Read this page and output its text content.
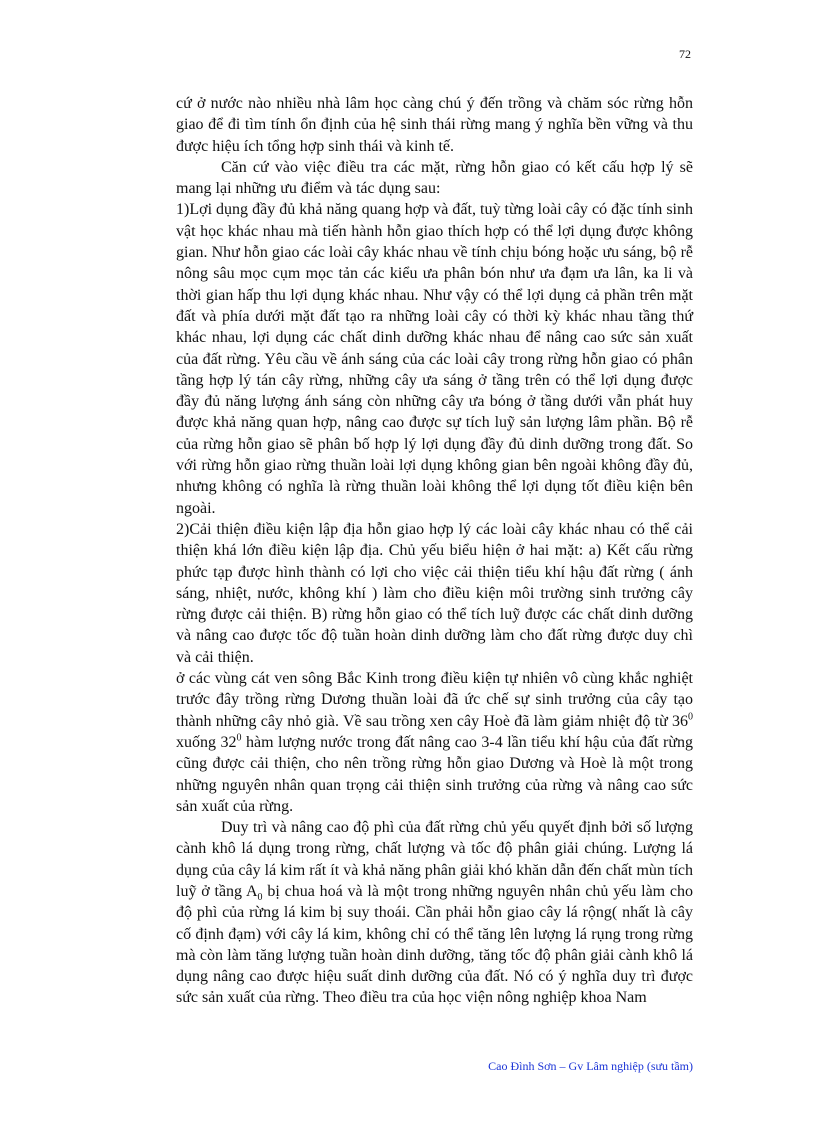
72

cứ ở nước nào nhiều nhà lâm học càng chú ý đến trồng và chăm sóc rừng hỗn giao để đi tìm tính ổn định của hệ sinh thái rừng mang ý nghĩa bền vững và thu được hiệu ích tổng hợp sinh thái và kinh tế.

Căn cứ vào việc điều tra các mặt, rừng hỗn giao có kết cấu hợp lý sẽ mang lại những ưu điểm và tác dụng sau:

1)Lợi dụng đầy đủ khả năng quang hợp và đất, tuỳ từng loài cây có đặc tính sinh vật học khác nhau mà tiến hành hỗn giao thích hợp có thể lợi dụng được không gian. Như hỗn giao các loài cây khác nhau về tính chịu bóng hoặc ưu sáng, bộ rễ nông sâu mọc cụm mọc tản các kiểu ưa phân bón như ưa đạm ưa lân, ka li và thời gian hấp thu lợi dụng khác nhau. Như vậy có thể lợi dụng cả phần trên mặt đất và phía dưới mặt đất tạo ra những loài cây có thời kỳ khác nhau tầng thứ khác nhau, lợi dụng các chất dinh dưỡng khác nhau để nâng cao sức sản xuất của đất rừng. Yêu cầu về ánh sáng của các loài cây trong rừng hỗn giao có phân tầng hợp lý tán cây rừng, những cây ưa sáng ở tầng trên có thể lợi dụng được đầy đủ năng lượng ánh sáng còn những cây ưa bóng ở tầng dưới vẫn phát huy được khả năng quan hợp, nâng cao được sự tích luỹ sản lượng lâm phần. Bộ rễ của rừng hỗn giao sẽ phân bố hợp lý lợi dụng đầy đủ dinh dưỡng trong đất. So với rừng hỗn giao rừng thuần loài lợi dụng không gian bên ngoài không đầy đủ, nhưng không có nghĩa là rừng thuần loài không thể lợi dụng tốt điều kiện bên ngoài.

2)Cải thiện điều kiện lập địa hỗn giao hợp lý các loài cây khác nhau có thể cải thiện khá lớn điều kiện lập địa. Chủ yếu biểu hiện ở hai mặt: a) Kết cấu rừng phức tạp được hình thành có lợi cho việc cải thiện tiểu khí hậu đất rừng ( ánh sáng, nhiệt, nước, không khí ) làm cho điều kiện môi trường sinh trưởng cây rừng được cải thiện. B) rừng hỗn giao có thể tích luỹ được các chất dinh dưỡng và nâng cao được tốc độ tuần hoàn dinh dưỡng làm cho đất rừng được duy chì và cải thiện.

ở các vùng cát ven sông Bắc Kinh trong điều kiện tự nhiên vô cùng khắc nghiệt trước đây trồng rừng Dương thuần loài đã ức chế sự sinh trưởng của cây tạo thành những cây nhỏ già. Về sau trồng xen cây Hoè đã làm giảm nhiệt độ từ $36^0$ xuống $32^0$ hàm lượng nước trong đất nâng cao 3-4 lần tiểu khí hậu của đất rừng cũng được cải thiện, cho nên trồng rừng hỗn giao Dương và Hoè là một trong những nguyên nhân quan trọng cải thiện sinh trưởng của rừng và nâng cao sức sản xuất của rừng.

Duy trì và nâng cao độ phì của đất rừng chủ yếu quyết định bởi số lượng cành khô lá dụng trong rừng, chất lượng và tốc độ phân giải chúng. Lượng lá dụng của cây lá kim rất ít và khả năng phân giải khó khăn dẫn đến chất mùn tích luỹ ở tầng $A_0$ bị chua hoá và là một trong những nguyên nhân chủ yếu làm cho độ phì của rừng lá kim bị suy thoái. Cần phải hỗn giao cây lá rộng( nhất là cây cố định đạm) với cây lá kim, không chỉ có thể tăng lên lượng lá rụng trong rừng mà còn làm tăng lượng tuần hoàn dinh dưỡng, tăng tốc độ phân giải cành khô lá dụng nâng cao được hiệu suất dinh dưỡng của đất. Nó có ý nghĩa duy trì được sức sản xuất của rừng. Theo điều tra của học viện nông nghiệp khoa Nam

Cao Đình Sơn – Gv Lâm nghiệp (sưu tầm)
